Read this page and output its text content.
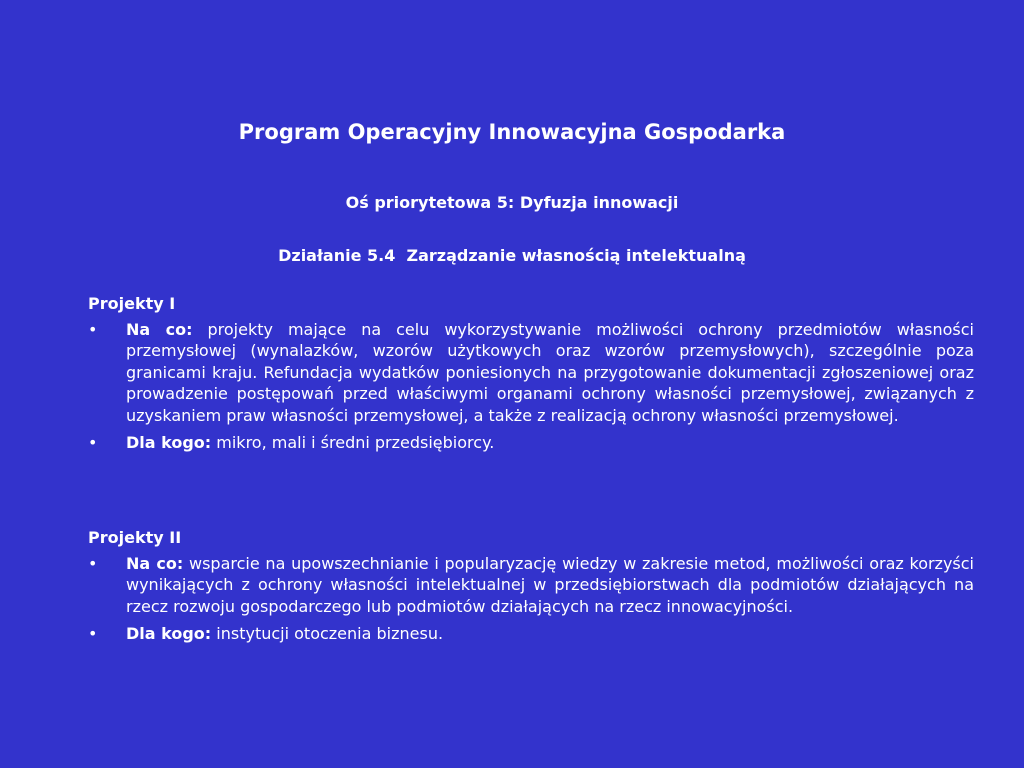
Program Operacyjny Innowacyjna Gospodarka
Oś priorytetowa 5: Dyfuzja innowacji
Działanie 5.4  Zarządzanie własnością intelektualną
Projekty I
• Na co: projekty mające na celu wykorzystywanie możliwości ochrony przedmiotów własności przemysłowej (wynalazków, wzorów użytkowych oraz wzorów przemysłowych), szczególnie poza granicami kraju. Refundacja wydatków poniesionych na przygotowanie dokumentacji zgłoszeniowej oraz prowadzenie postępowań przed właściwymi organami ochrony własności przemysłowej, związanych z uzyskaniem praw własności przemysłowej, a także z realizacją ochrony własności przemysłowej.
• Dla kogo: mikro, mali i średni przedsiębiorcy.
Projekty II
• Na co: wsparcie na upowszechnianie i popularyzację wiedzy w zakresie metod, możliwości oraz korzyści wynikających z ochrony własności intelektualnej w przedsiębiorstwach dla podmiotów działających na rzecz rozwoju gospodarczego lub podmiotów działających na rzecz innowacyjności.
• Dla kogo: instytucji otoczenia biznesu.
